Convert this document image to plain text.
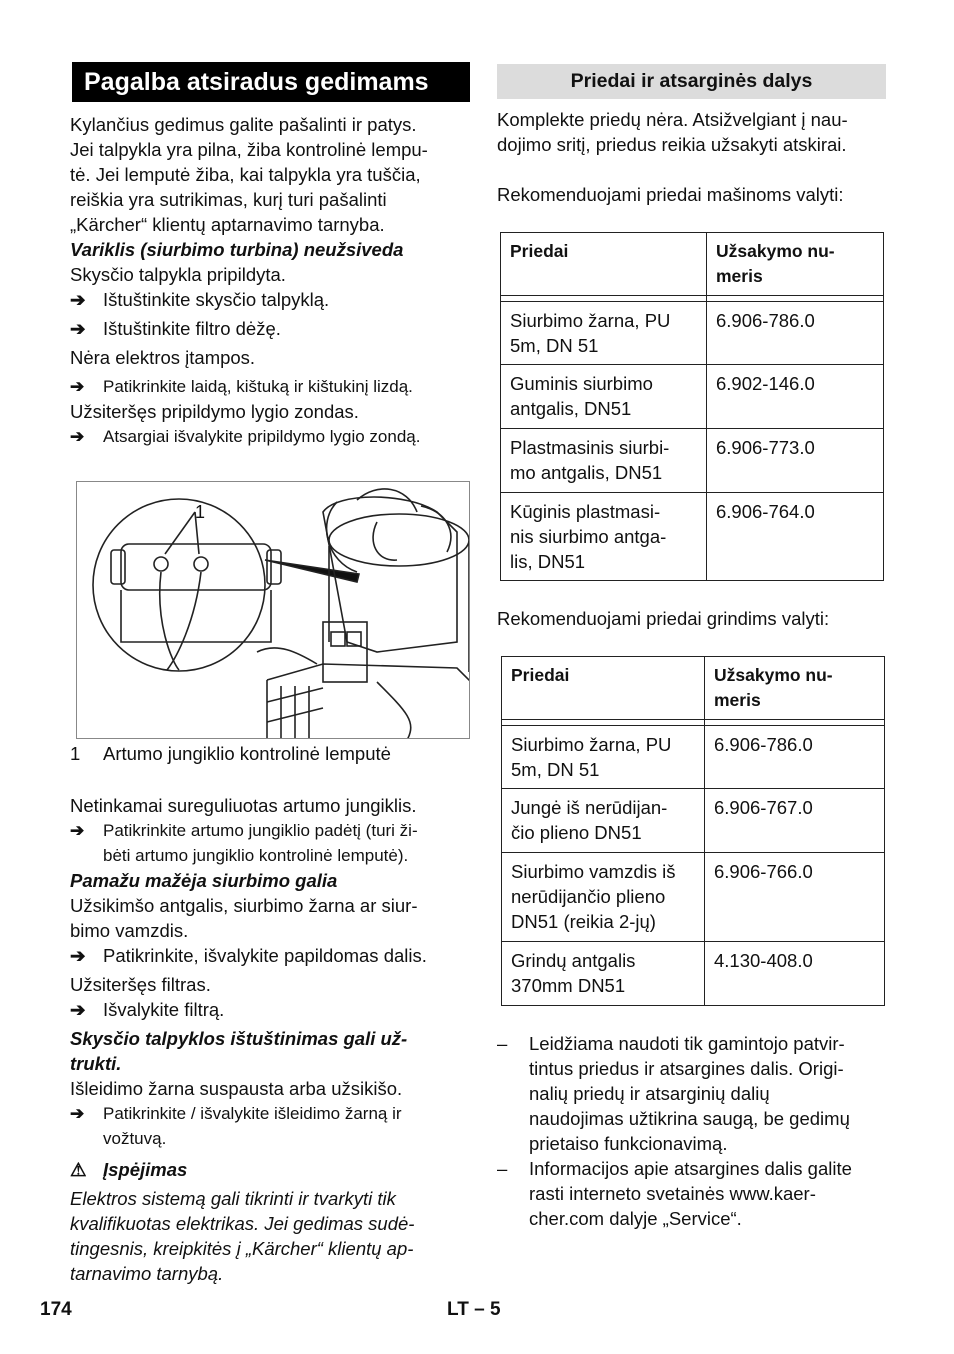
Pagalba atsiradus gedimams

Kylančius gedimus galite pašalinti ir patys.

Jei talpykla yra pilna, žiba kontrolinė lempu-

tė. Jei lemputė žiba, kai talpykla yra tuščia,

reiškia yra sutrikimas, kurį turi pašalinti

„Kärcher“ klientų aptarnavimo tarnyba.

Variklis (siurbimo turbina) neužsiveda

Skysčio talpykla pripildyta.

➔ Ištuštinkite skysčio talpyklą.
➔ Ištuštinkite filtro dėžę.

Nėra elektros įtampos.

➔	Patikrinkite laidą, kištuką ir kištukinį lizdą.

Užsiteršęs pripildymo lygio zondas.

➔	Atsargiai išvalykite pripildymo lygio zondą.
1
1	Artumo jungiklio kontrolinė lemputė

Netinkamai sureguliuotas artumo jungiklis.

➔	Patikrinkite artumo jungiklio padėtį (turi ži-
bėti artumo jungiklio kontrolinė lemputė).

Pamažu mažėja siurbimo galia

Užsikimšo antgalis, siurbimo žarna ar siur-

bimo vamzdis.

➔ Patikrinkite, išvalykite papildomas dalis.

Užsiteršęs filtras.

➔ Išvalykite filtrą.

Skysčio talpyklos ištuštinimas gali už-

trukti.

Išleidimo žarna suspausta arba užsikišo.

➔	Patikrinkite / išvalykite išleidimo žarną ir
vožtuvą.
⚠ Įspėjimas

Elektros sistemą gali tikrinti ir tvarkyti tik

kvalifikuotas elektrikas. Jei gedimas sudė-

tingesnis, kreipkitės į „Kärcher“ klientų ap-

tarnavimo tarnybą.

Priedai ir atsarginės dalys

Komplekte priedų nėra. Atsižvelgiant į nau-

dojimo sritį, priedus reikia užsakyti atskirai.

Rekomenduojami priedai mašinoms valyti:

Priedai	Užsakymo nu-
meris

Siurbimo žarna, PU
5m, DN 51	6.906-786.0
Guminis siurbimo
antgalis, DN51	6.902-146.0
Plastmasinis siurbi-
mo antgalis, DN51	6.906-773.0
Kūginis plastmasi-
nis siurbimo antga-
lis, DN51	6.906-764.0

Rekomenduojami priedai grindims valyti:

Priedai	Užsakymo nu-
meris

Siurbimo žarna, PU
5m, DN 51	6.906-786.0
Jungė iš nerūdijan-
čio plieno DN51	6.906-767.0
Siurbimo vamzdis iš
nerūdijančio plieno
DN51 (reikia 2-jų)	6.906-766.0
Grindų antgalis
370mm DN51	4.130-408.0
–	Leidžiama naudoti tik gamintojo patvir-

tintus priedus ir atsargines dalis. Origi-

nalių priedų ir atsarginių dalių

naudojimas užtikrina saugą, be gedimų

prietaiso funkcionavimą.

–	Informacijos apie atsargines dalis galite

rasti interneto svetainės www.kaer-

cher.com dalyje „Service“.

174	LT – 5
